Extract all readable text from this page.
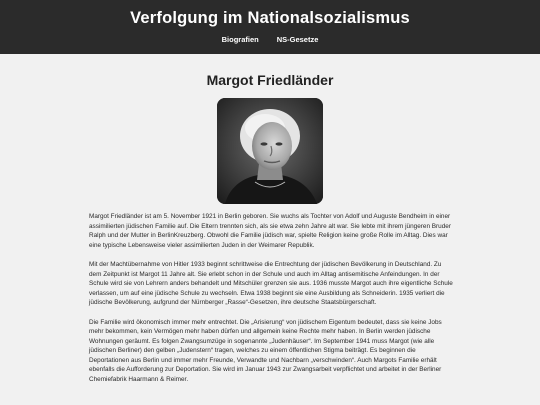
Verfolgung im Nationalsozialismus
Biografien NS-Gesetze
Margot Friedländer

Margot Friedländer ist am 5. November 1921 in Berlin geboren. Sie wuchs als Tochter von Adolf und Auguste Bendheim in einer assimilierten jüdischen Familie auf. Die Eltern trennten sich, als sie etwa zehn Jahre alt war. Sie lebte mit ihrem jüngeren Bruder Ralph und der Mutter in BerlinKreuzberg. Obwohl die Familie jüdisch war, spielte Religion keine große Rolle im Alltag. Dies war eine typische Lebensweise vieler assimilierten Juden in der Weimarer Republik.

Mit der Machtübernahme von Hitler 1933 beginnt schrittweise die Entrechtung der jüdischen Bevölkerung in Deutschland. Zu dem Zeitpunkt ist Margot 11 Jahre alt. Sie erlebt schon in der Schule und auch im Alltag antisemitische Anfeindungen. In der Schule wird sie von Lehrern anders behandelt und Mitschüler grenzen sie aus. 1936 musste Margot auch ihre eigentliche Schule verlassen, um auf eine jüdische Schule zu wechseln. Etwa 1938 beginnt sie eine Ausbildung als Schneiderin. 1935 verliert die jüdische Bevölkerung, aufgrund der Nürnberger „Rasse“-Gesetzen, ihre deutsche Staatsbürgerschaft.

Die Familie wird ökonomisch immer mehr entrechtet. Die „Arisierung“ von jüdischem Eigentum bedeutet, dass sie keine Jobs mehr bekommen, kein Vermögen mehr haben dürfen und allgemein keine Rechte mehr haben. In Berlin werden jüdische Wohnungen geräumt. Es folgen Zwangsumzüge in sogenannte „Judenhäuser“. Im September 1941 muss Margot (wie alle jüdischen Berliner) den gelben „Judenstern“ tragen, welches zu einem öffentlichen Stigma beiträgt. Es beginnen die Deportationen aus Berlin und immer mehr Freunde, Verwandte und Nachbarn „verschwinden“. Auch Margots Familie erhält ebenfalls die Aufforderung zur Deportation. Sie wird im Januar 1943 zur Zwangsarbeit verpflichtet und arbeitet in der Berliner Chemiefabrik Haarmann & Reimer.
